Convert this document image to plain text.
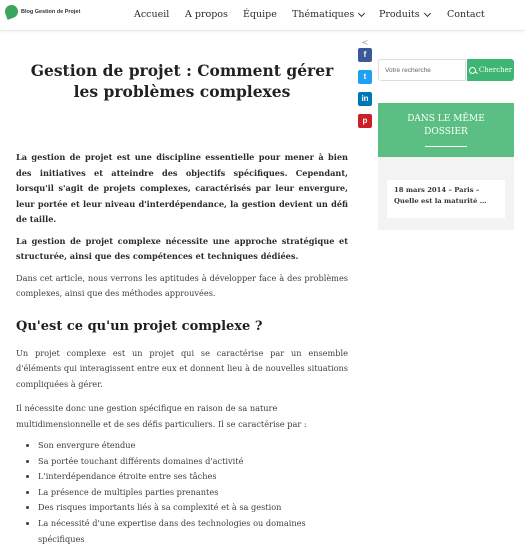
Blog Gestion de Projet	Accueil A propos Équipe Thématiques	Produits	Contact
<
f
t
in
p
Gestion de projet : Comment gérer les problèmes complexes

La gestion de projet est une discipline essentielle pour mener à bien des initiatives et atteindre des objectifs spécifiques. Cependant, lorsqu'il s'agit de projets complexes, caractérisés par leur envergure, leur portée et leur niveau d'interdépendance, la gestion devient un défi de taille.

La gestion de projet complexe nécessite une approche stratégique et structurée, ainsi que des compétences et techniques dédiées.

Dans cet article, nous verrons les aptitudes à développer face à des problèmes complexes, ainsi que des méthodes approuvées.

Qu'est ce qu'un projet complexe ?

Un projet complexe est un projet qui se caractérise par un ensemble d'éléments qui interagissent entre eux et donnent lieu à de nouvelles situations compliquées à gérer.

Il nécessite donc une gestion spécifique en raison de sa nature multidimensionnelle et de ses défis particuliers. Il se caractérise par :

• Son envergure étendue
• Sa portée touchant différents domaines d'activité
• L'interdépendance étroite entre ses tâches
• La présence de multiples parties prenantes
• Des risques importants liés à sa complexité et à sa gestion
• La nécessité d'une expertise dans des technologies ou domaines spécifiques
Votre recherche	Chercher
DANS LE MÊME DOSSIER
18 mars 2014 – Paris – Quelle est la maturité …
